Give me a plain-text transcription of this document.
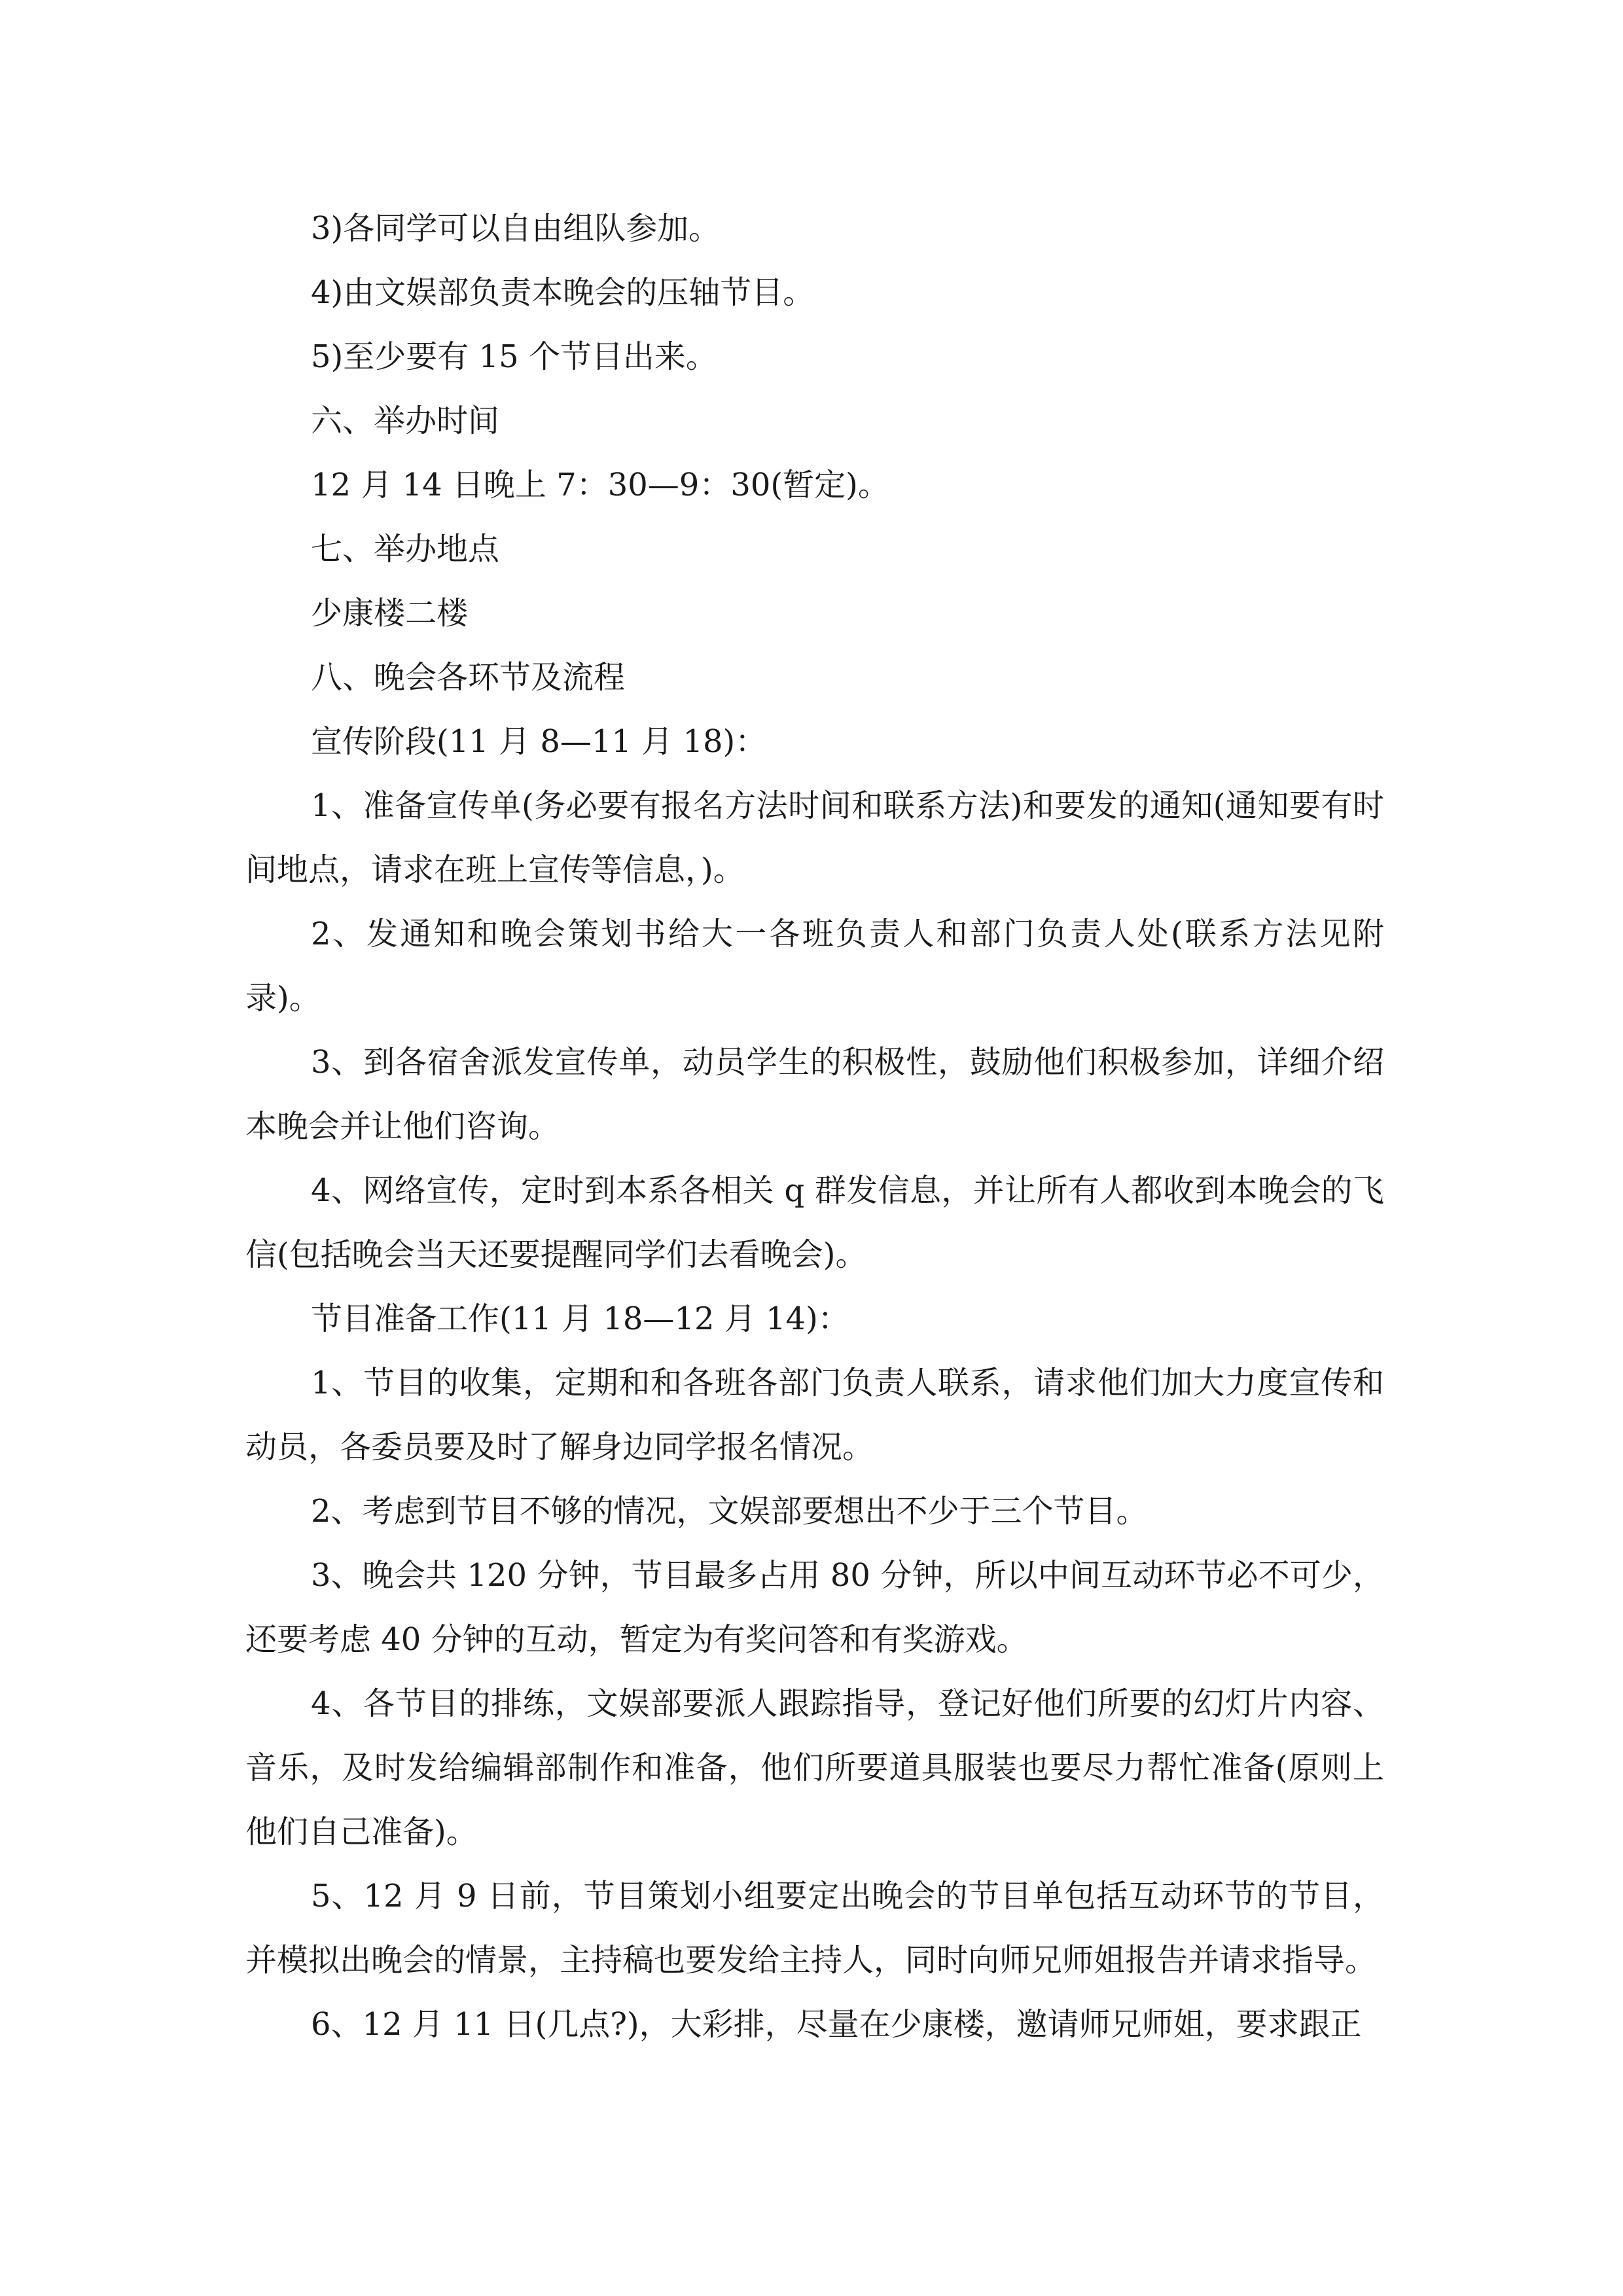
3)各同学可以自由组队参加。

4)由文娱部负责本晚会的压轴节目。

5)至少要有 15 个节目出来。

六、举办时间

12 月 14 日晚上 7：30—9：30(暂定)。

七、举办地点

少康楼二楼

八、晚会各环节及流程

宣传阶段(11 月 8—11 月 18)：

1、准备宣传单(务必要有报名方法时间和联系方法)和要发的通知(通知要有时间地点，请求在班上宣传等信息，)。

2、发通知和晚会策划书给大一各班负责人和部门负责人处(联系方法见附录)。

3、到各宿舍派发宣传单，动员学生的积极性，鼓励他们积极参加，详细介绍本晚会并让他们咨询。

4、网络宣传，定时到本系各相关 q 群发信息，并让所有人都收到本晚会的飞信(包括晚会当天还要提醒同学们去看晚会)。

节目准备工作(11 月 18—12 月 14)：

1、节目的收集，定期和和各班各部门负责人联系，请求他们加大力度宣传和动员，各委员要及时了解身边同学报名情况。

2、考虑到节目不够的情况，文娱部要想出不少于三个节目。

3、晚会共 120 分钟，节目最多占用 80 分钟，所以中间互动环节必不可少，还要考虑 40 分钟的互动，暂定为有奖问答和有奖游戏。

4、各节目的排练，文娱部要派人跟踪指导，登记好他们所要的幻灯片内容、音乐，及时发给编辑部制作和准备，他们所要道具服装也要尽力帮忙准备(原则上他们自己准备)。

5、12 月 9 日前，节目策划小组要定出晚会的节目单包括互动环节的节目，并模拟出晚会的情景，主持稿也要发给主持人，同时向师兄师姐报告并请求指导。

6、12 月 11 日(几点?)，大彩排，尽量在少康楼，邀请师兄师姐，要求跟正
